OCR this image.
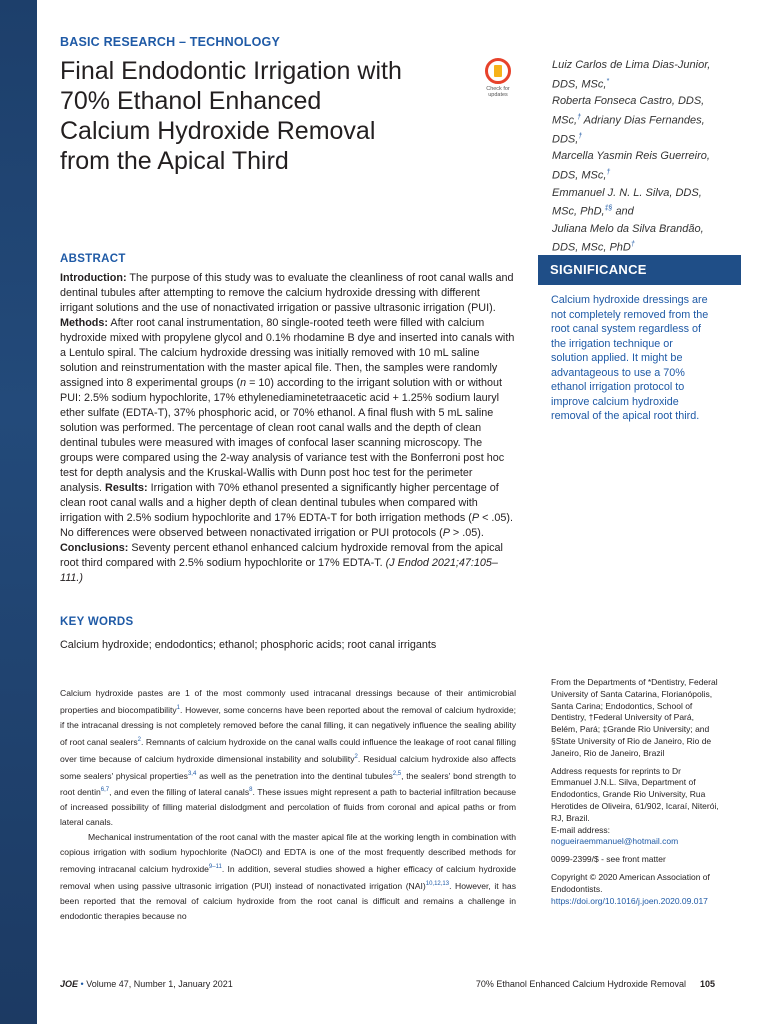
BASIC RESEARCH – TECHNOLOGY
Final Endodontic Irrigation with
70% Ethanol Enhanced
Calcium Hydroxide Removal
from the Apical Third
Check for
updates
Luiz Carlos de Lima Dias-Junior,
DDS, MSc,*
Roberta Fonseca Castro, DDS,
MSc,† Adriany Dias Fernandes,
DDS,†
Marcella Yasmin Reis Guerreiro,
DDS, MSc,†
Emmanuel J. N. L. Silva, DDS,
MSc, PhD,‡§ and
Juliana Melo da Silva Brandão,
DDS, MSc, PhD†
ABSTRACT

Introduction: The purpose of this study was to evaluate the cleanliness of root canal walls and dentinal tubules after attempting to remove the calcium hydroxide dressing with different irrigant solutions and the use of nonactivated irrigation or passive ultrasonic irrigation (PUI).
Methods: After root canal instrumentation, 80 single-rooted teeth were filled with calcium hydroxide mixed with propylene glycol and 0.1% rhodamine B dye and inserted into canals with a Lentulo spiral. The calcium hydroxide dressing was initially removed with 10 mL saline solution and reinstrumentation with the master apical file. Then, the samples were randomly assigned into 8 experimental groups (n = 10) according to the irrigant solution with or without PUI: 2.5% sodium hypochlorite, 17% ethylenediaminetetraacetic acid + 1.25% sodium lauryl ether sulfate (EDTA-T), 37% phosphoric acid, or 70% ethanol. A final flush with 5 mL saline solution was performed. The percentage of clean root canal walls and the depth of clean dentinal tubules were measured with images of confocal laser scanning microscopy. The groups were compared using the 2-way analysis of variance test with the Bonferroni post hoc test for depth analysis and the Kruskal-Wallis with Dunn post hoc test for the perimeter analysis. Results: Irrigation with 70% ethanol presented a significantly higher percentage of clean root canal walls and a higher depth of clean dentinal tubules when compared with irrigation with 2.5% sodium hypochlorite and 17% EDTA-T for both irrigation methods (P < .05). No differences were observed between nonactivated irrigation or PUI protocols (P > .05). Conclusions: Seventy percent ethanol enhanced calcium hydroxide removal from the apical root third compared with 2.5% sodium hypochlorite or 17% EDTA-T. (J Endod 2021;47:105–111.)

KEY WORDS

Calcium hydroxide; endodontics; ethanol; phosphoric acids; root canal irrigants

SIGNIFICANCE

Calcium hydroxide dressings are not completely removed from the root canal system regardless of the irrigation technique or solution applied. It might be advantageous to use a 70% ethanol irrigation protocol to improve calcium hydroxide removal of the apical root third.

Calcium hydroxide pastes are 1 of the most commonly used intracanal dressings because of their antimicrobial properties and biocompatibility$^1$. However, some concerns have been reported about the removal of calcium hydroxide; if the intracanal dressing is not completely removed before the canal filling, it can negatively influence the sealing ability of root canal sealers$^2$. Remnants of calcium hydroxide on the canal walls could influence the leakage of root canal filling over time because of calcium hydroxide dimensional instability and solubility$^2$. Residual calcium hydroxide also affects some sealers' physical properties$^{3,4}$ as well as the penetration into the dentinal tubules$^{2,5}$, the sealers' bond strength to root dentin$^{6,7}$, and even the filling of lateral canals$^8$. These issues might represent a path to bacterial infiltration because of increased possibility of filling material dislodgment and percolation of fluids from coronal and apical paths or from lateral canals.

Mechanical instrumentation of the root canal with the master apical file at the working length in combination with copious irrigation with sodium hypochlorite (NaOCl) and EDTA is one of the most frequently described methods for removing intracanal calcium hydroxide$^{9-11}$. In addition, several studies showed a higher efficacy of calcium hydroxide removal when using passive ultrasonic irrigation (PUI) instead of nonactivated irrigation (NAI)$^{10,12,13}$. However, it has been reported that the removal of calcium hydroxide from the root canal is difficult and remains a challenge in endodontic therapies because no

From the Departments of *Dentistry, Federal University of Santa Catarina, Florianópolis, Santa Carina; Endodontics, School of Dentistry, †Federal University of Pará, Belém, Pará; ‡Grande Rio University; and §State University of Rio de Janeiro, Rio de Janeiro, Rio de Janeiro, Brazil

Address requests for reprints to Dr Emmanuel J.N.L. Silva, Department of Endodontics, Grande Rio University, Rua Herotides de Oliveira, 61/902, Icaraí, Niterói, RJ, Brazil.
E-mail address: nogueiraemmanuel@hotmail.com

0099-2399/$ - see front matter

Copyright © 2020 American Association of Endodontists.
https://doi.org/10.1016/j.joen.2020.09.017

JOE • Volume 47, Number 1, January 2021	70% Ethanol Enhanced Calcium Hydroxide Removal 105
